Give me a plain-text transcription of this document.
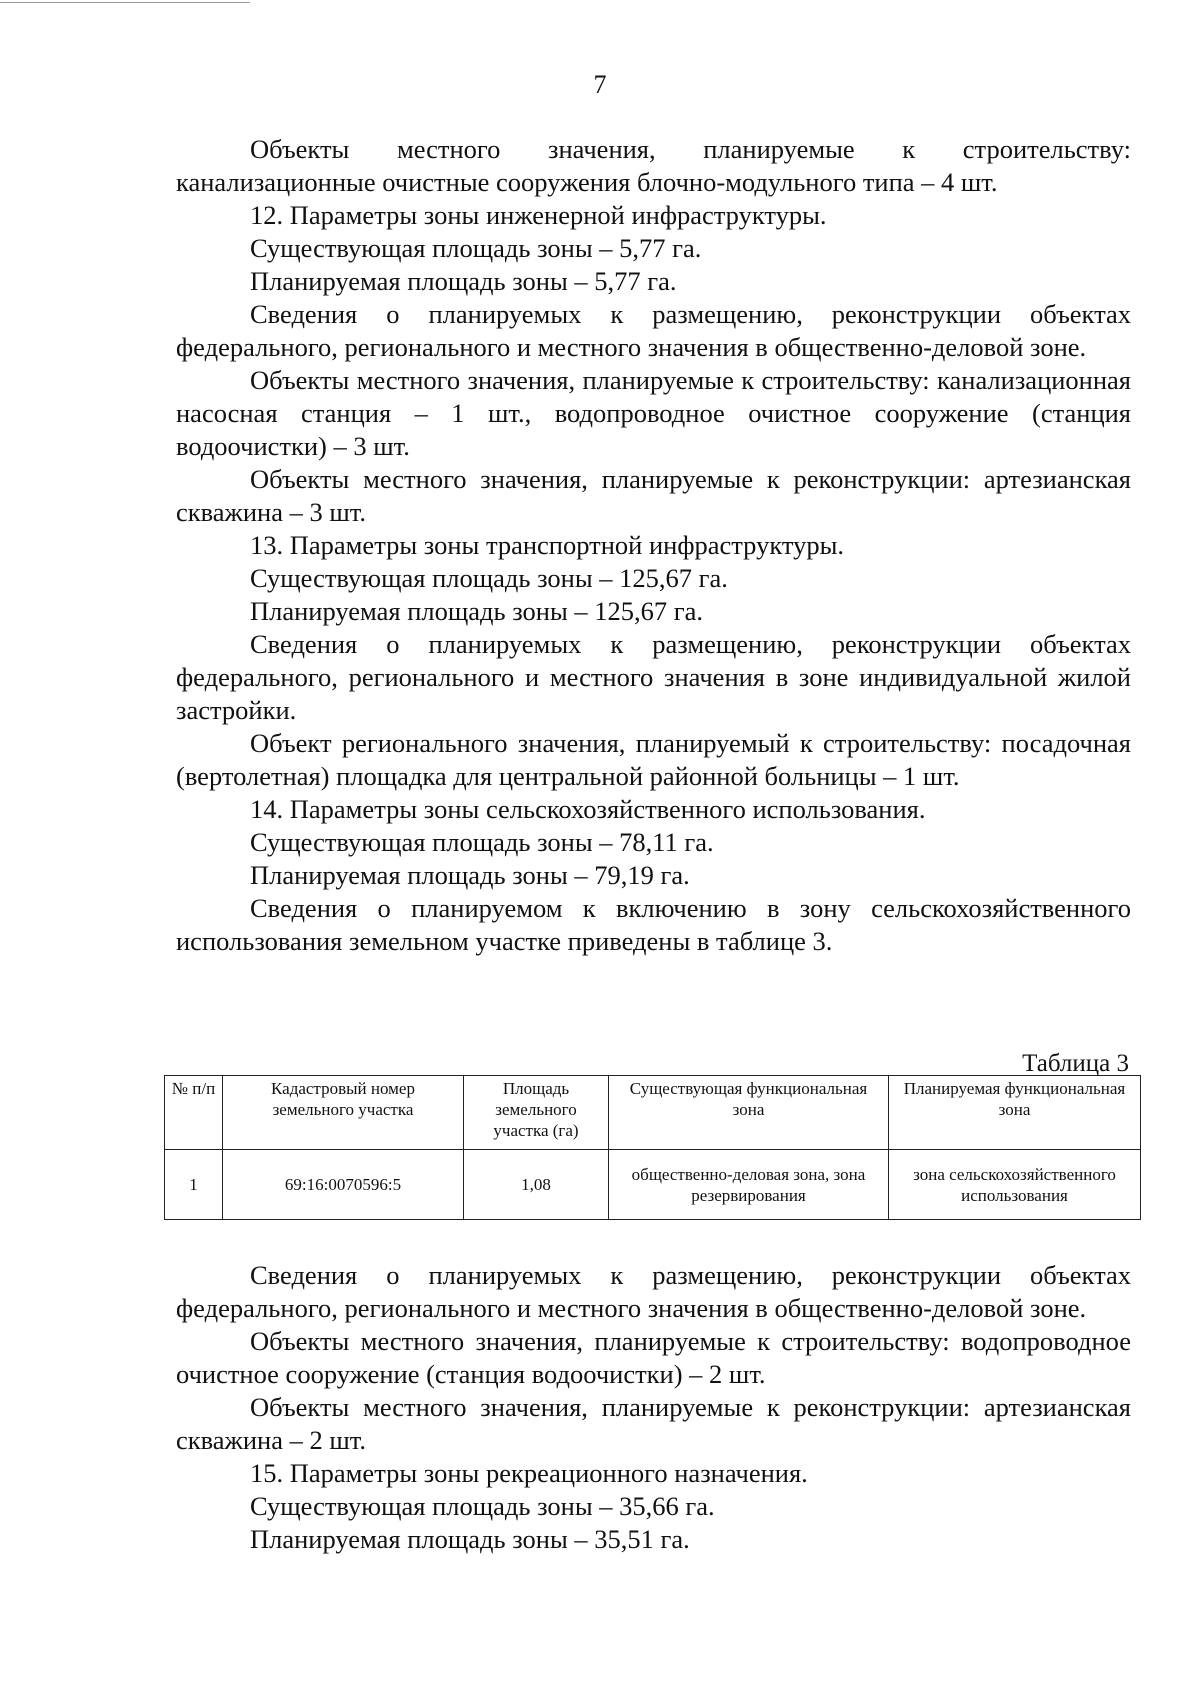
7

Объекты местного значения, планируемые к строительству: канализационные очистные сооружения блочно-модульного типа – 4 шт.

12. Параметры зоны инженерной инфраструктуры.

Существующая площадь зоны – 5,77 га.

Планируемая площадь зоны – 5,77 га.

Сведения о планируемых к размещению, реконструкции объектах федерального, регионального и местного значения в общественно-деловой зоне.

Объекты местного значения, планируемые к строительству: канализационная насосная станция – 1 шт., водопроводное очистное сооружение (станция водоочистки) – 3 шт.

Объекты местного значения, планируемые к реконструкции: артезианская скважина – 3 шт.

13. Параметры зоны транспортной инфраструктуры.

Существующая площадь зоны – 125,67 га.

Планируемая площадь зоны – 125,67 га.

Сведения о планируемых к размещению, реконструкции объектах федерального, регионального и местного значения в зоне индивидуальной жилой застройки.

Объект регионального значения, планируемый к строительству: посадочная (вертолетная) площадка для центральной районной больницы – 1 шт.

14. Параметры зоны сельскохозяйственного использования.

Существующая площадь зоны – 78,11 га.

Планируемая площадь зоны – 79,19 га.

Сведения о планируемом к включению в зону сельскохозяйственного использования земельном участке приведены в таблице 3.

Таблица 3
№ п/п	Кадастровый номер земельного участка	Площадь земельного участка (га)	Существующая функциональная зона	Планируемая функциональная зона
1	69:16:0070596:5	1,08	общественно-деловая зона, зона резервирования	зона сельскохозяйственного использования

Сведения о планируемых к размещению, реконструкции объектах федерального, регионального и местного значения в общественно-деловой зоне.

Объекты местного значения, планируемые к строительству: водопроводное очистное сооружение (станция водоочистки) – 2 шт.

Объекты местного значения, планируемые к реконструкции: артезианская скважина – 2 шт.

15. Параметры зоны рекреационного назначения.

Существующая площадь зоны – 35,66 га.

Планируемая площадь зоны – 35,51 га.
